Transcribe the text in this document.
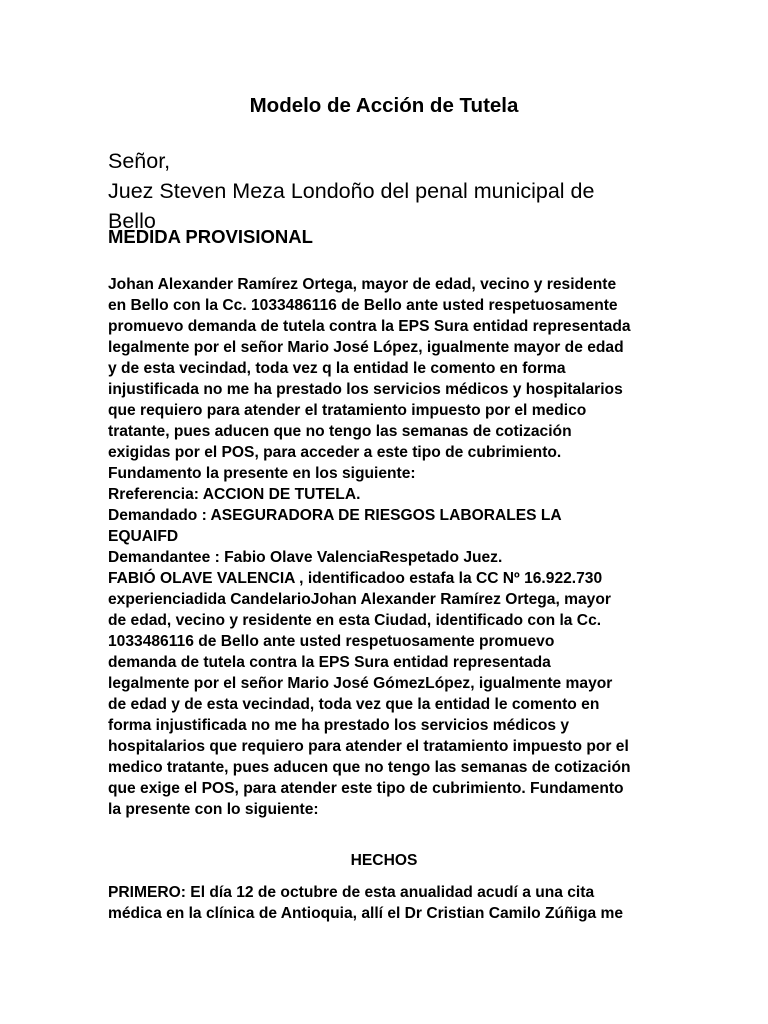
Modelo de Acción de Tutela
Señor,
Juez Steven Meza Londoño del penal municipal de
Bello
MEDIDA PROVISIONAL
Johan Alexander Ramírez Ortega, mayor de edad, vecino y residente
en Bello con la Cc. 1033486116 de Bello ante usted respetuosamente
promuevo demanda de tutela contra la EPS Sura entidad representada
legalmente por el señor Mario José López, igualmente mayor de edad
y de esta vecindad, toda vez q la entidad le comento en forma
injustificada no me ha prestado los servicios médicos y hospitalarios
que requiero para atender el tratamiento impuesto por el medico
tratante, pues aducen que no tengo las semanas de cotización
exigidas por el POS, para acceder a este tipo de cubrimiento.
Fundamento la presente en los siguiente:
Rreferencia: ACCION DE TUTELA.
Demandado : ASEGURADORA DE RIESGOS LABORALES LA
EQUAIFD
Demandantee : Fabio Olave ValenciaRespetado Juez.
FABIÓ OLAVE VALENCIA , identificadoo estafa la CC Nº 16.922.730
experienciadida CandelarioJohan Alexander Ramírez Ortega, mayor
de edad, vecino y residente en esta Ciudad, identificado con la Cc.
1033486116 de Bello ante usted respetuosamente promuevo
demanda de tutela contra la EPS Sura entidad representada
legalmente por el señor Mario José GómezLópez, igualmente mayor
de edad y de esta vecindad, toda vez que la entidad le comento en
forma injustificada no me ha prestado los servicios médicos y
hospitalarios que requiero para atender el tratamiento impuesto por el
medico tratante, pues aducen que no tengo las semanas de cotización
que exige el POS, para atender este tipo de cubrimiento. Fundamento
la presente con lo siguiente:
HECHOS
PRIMERO: El día 12 de octubre de esta anualidad acudí a una cita
médica en la clínica de Antioquia, allí el Dr Cristian Camilo Zúñiga me
